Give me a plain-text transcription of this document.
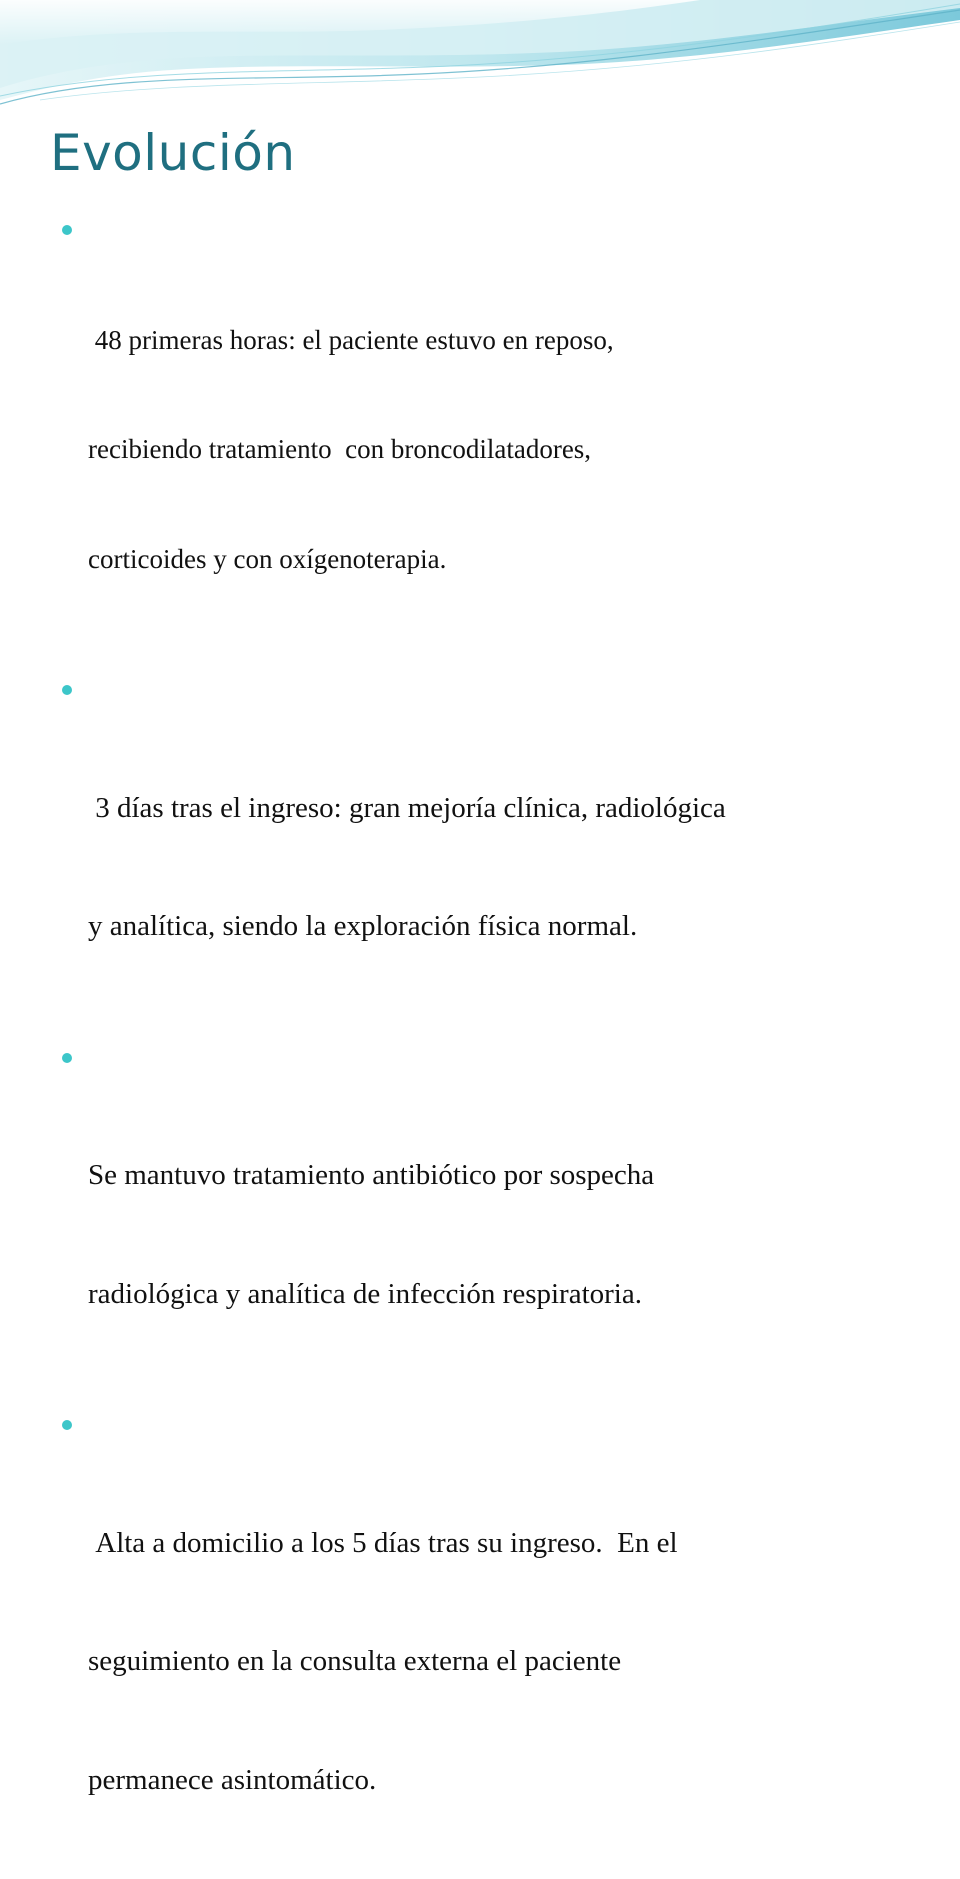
Evolución

48 primeras horas: el paciente estuvo en reposo,

recibiendo tratamiento  con broncodilatadores,

corticoides y con oxígenoterapia.

3 días tras el ingreso: gran mejoría clínica, radiológica

y analítica, siendo la exploración física normal.

Se mantuvo tratamiento antibiótico por sospecha

radiológica y analítica de infección respiratoria.

Alta a domicilio a los 5 días tras su ingreso.  En el

seguimiento en la consulta externa el paciente

permanece asintomático.
